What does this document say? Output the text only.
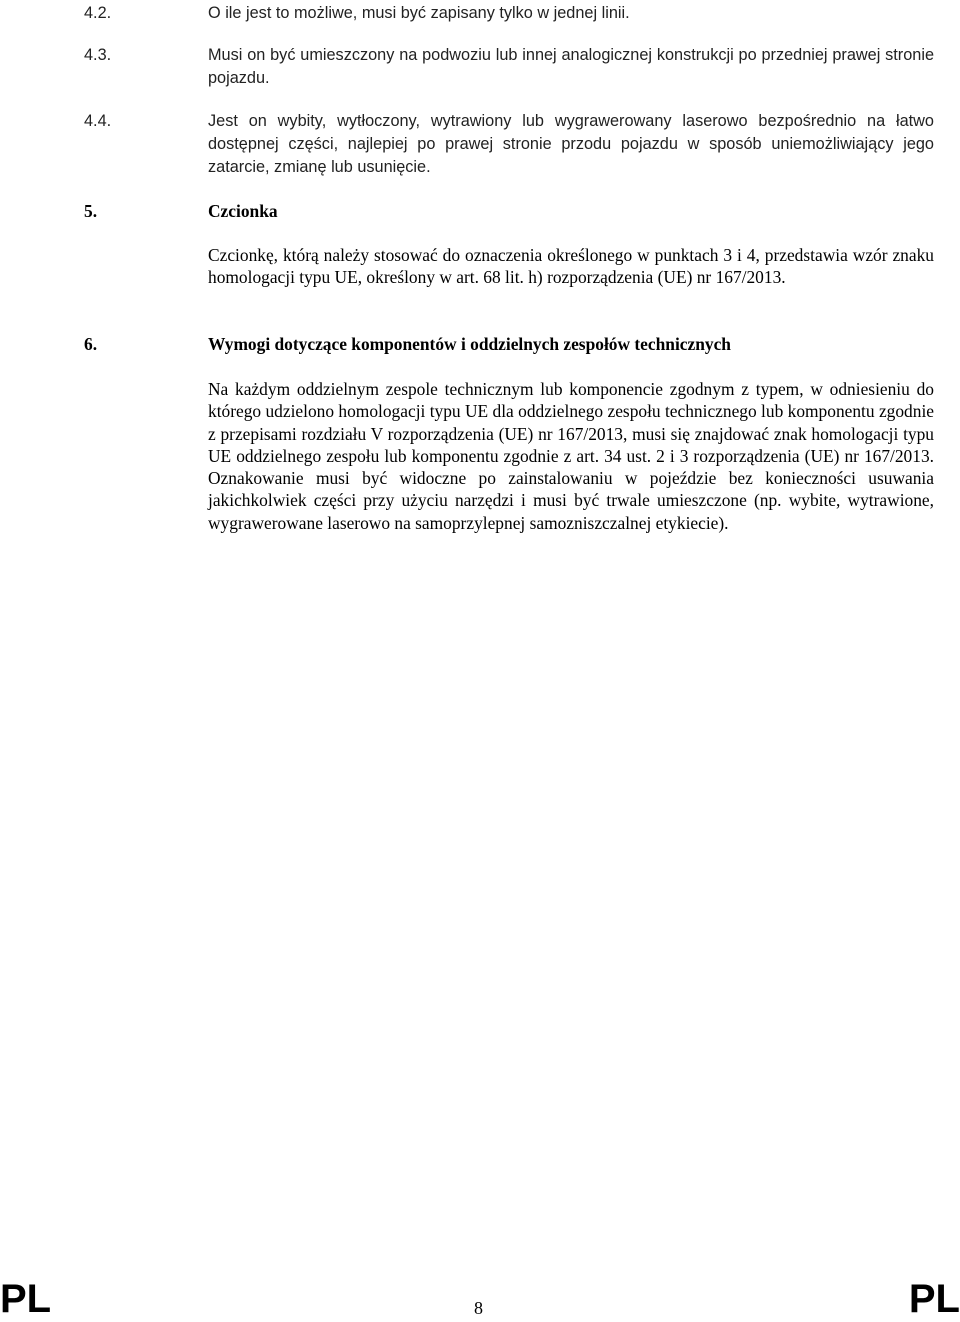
4.2.	O ile jest to możliwe, musi być zapisany tylko w jednej linii.
4.3.	Musi on być umieszczony na podwoziu lub innej analogicznej konstrukcji po przedniej prawej stronie pojazdu.
4.4.	Jest on wybity, wytłoczony, wytrawiony lub wygrawerowany laserowo bezpośrednio na łatwo dostępnej części, najlepiej po prawej stronie przodu pojazdu w sposób uniemożliwiający jego zatarcie, zmianę lub usunięcie.
5.	Czcionka
Czcionkę, którą należy stosować do oznaczenia określonego w punktach 3 i 4, przedstawia wzór znaku homologacji typu UE, określony w art. 68 lit. h) rozporządzenia (UE) nr 167/2013.
6.	Wymogi dotyczące komponentów i oddzielnych zespołów technicznych
Na każdym oddzielnym zespole technicznym lub komponencie zgodnym z typem, w odniesieniu do którego udzielono homologacji typu UE dla oddzielnego zespołu technicznego lub komponentu zgodnie z przepisami rozdziału V rozporządzenia (UE) nr 167/2013, musi się znajdować znak homologacji typu UE oddzielnego zespołu lub komponentu zgodnie z art. 34 ust. 2 i 3 rozporządzenia (UE) nr 167/2013. Oznakowanie musi być widoczne po zainstalowaniu w pojeździe bez konieczności usuwania jakichkolwiek części przy użyciu narzędzi i musi być trwale umieszczone (np. wybite, wytrawione, wygrawerowane laserowo na samoprzylepnej samozniszczalnej etykiecie).
PL	8	PL
